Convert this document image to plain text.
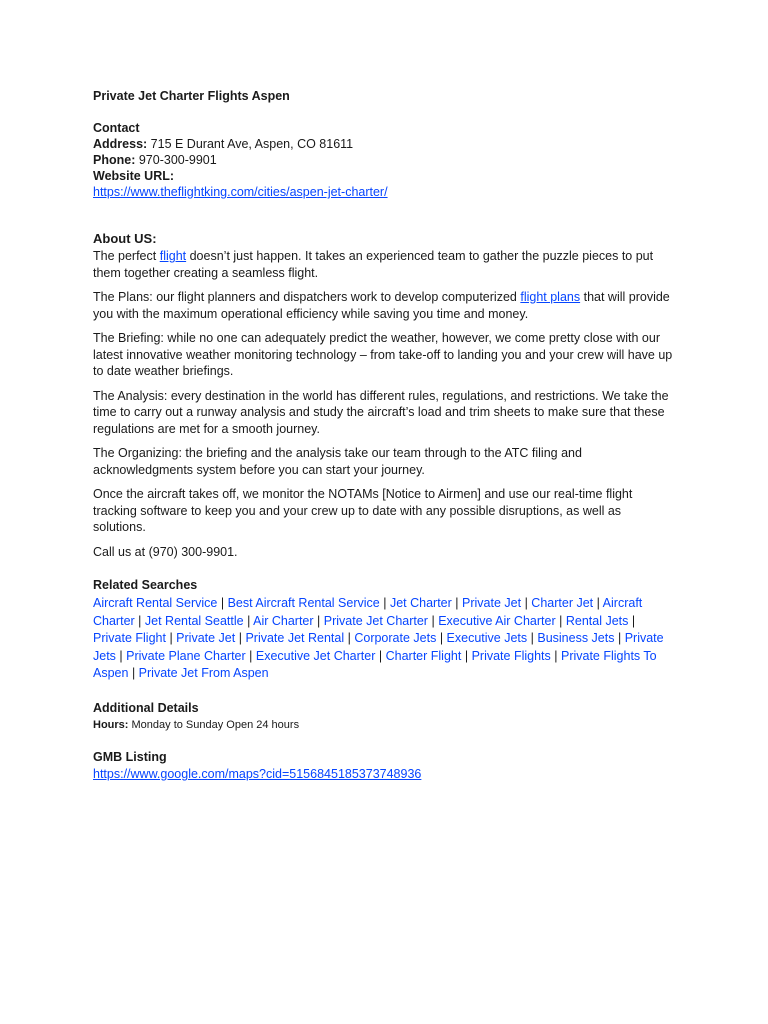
Private Jet Charter Flights Aspen
Contact
Address: 715 E Durant Ave, Aspen, CO 81611
Phone: 970-300-9901
Website URL:
https://www.theflightking.com/cities/aspen-jet-charter/
About US:

The perfect flight doesn’t just happen. It takes an experienced team to gather the puzzle pieces to put them together creating a seamless flight.

The Plans: our flight planners and dispatchers work to develop computerized flight plans that will provide you with the maximum operational efficiency while saving you time and money.

The Briefing: while no one can adequately predict the weather, however, we come pretty close with our latest innovative weather monitoring technology – from take-off to landing you and your crew will have up to date weather briefings.

The Analysis: every destination in the world has different rules, regulations, and restrictions. We take the time to carry out a runway analysis and study the aircraft’s load and trim sheets to make sure that these regulations are met for a smooth journey.

The Organizing: the briefing and the analysis take our team through to the ATC filing and acknowledgments system before you can start your journey.

Once the aircraft takes off, we monitor the NOTAMs [Notice to Airmen] and use our real-time flight tracking software to keep you and your crew up to date with any possible disruptions, as well as solutions.

Call us at (970) 300-9901.

Related Searches
Aircraft Rental Service | Best Aircraft Rental Service | Jet Charter | Private Jet | Charter Jet | Aircraft Charter | Jet Rental Seattle | Air Charter | Private Jet Charter | Executive Air Charter | Rental Jets | Private Flight | Private Jet | Private Jet Rental | Corporate Jets | Executive Jets | Business Jets | Private Jets | Private Plane Charter | Executive Jet Charter | Charter Flight | Private Flights | Private Flights To Aspen | Private Jet From Aspen
Additional Details
Hours: Monday to Sunday Open 24 hours
GMB Listing
https://www.google.com/maps?cid=5156845185373748936
